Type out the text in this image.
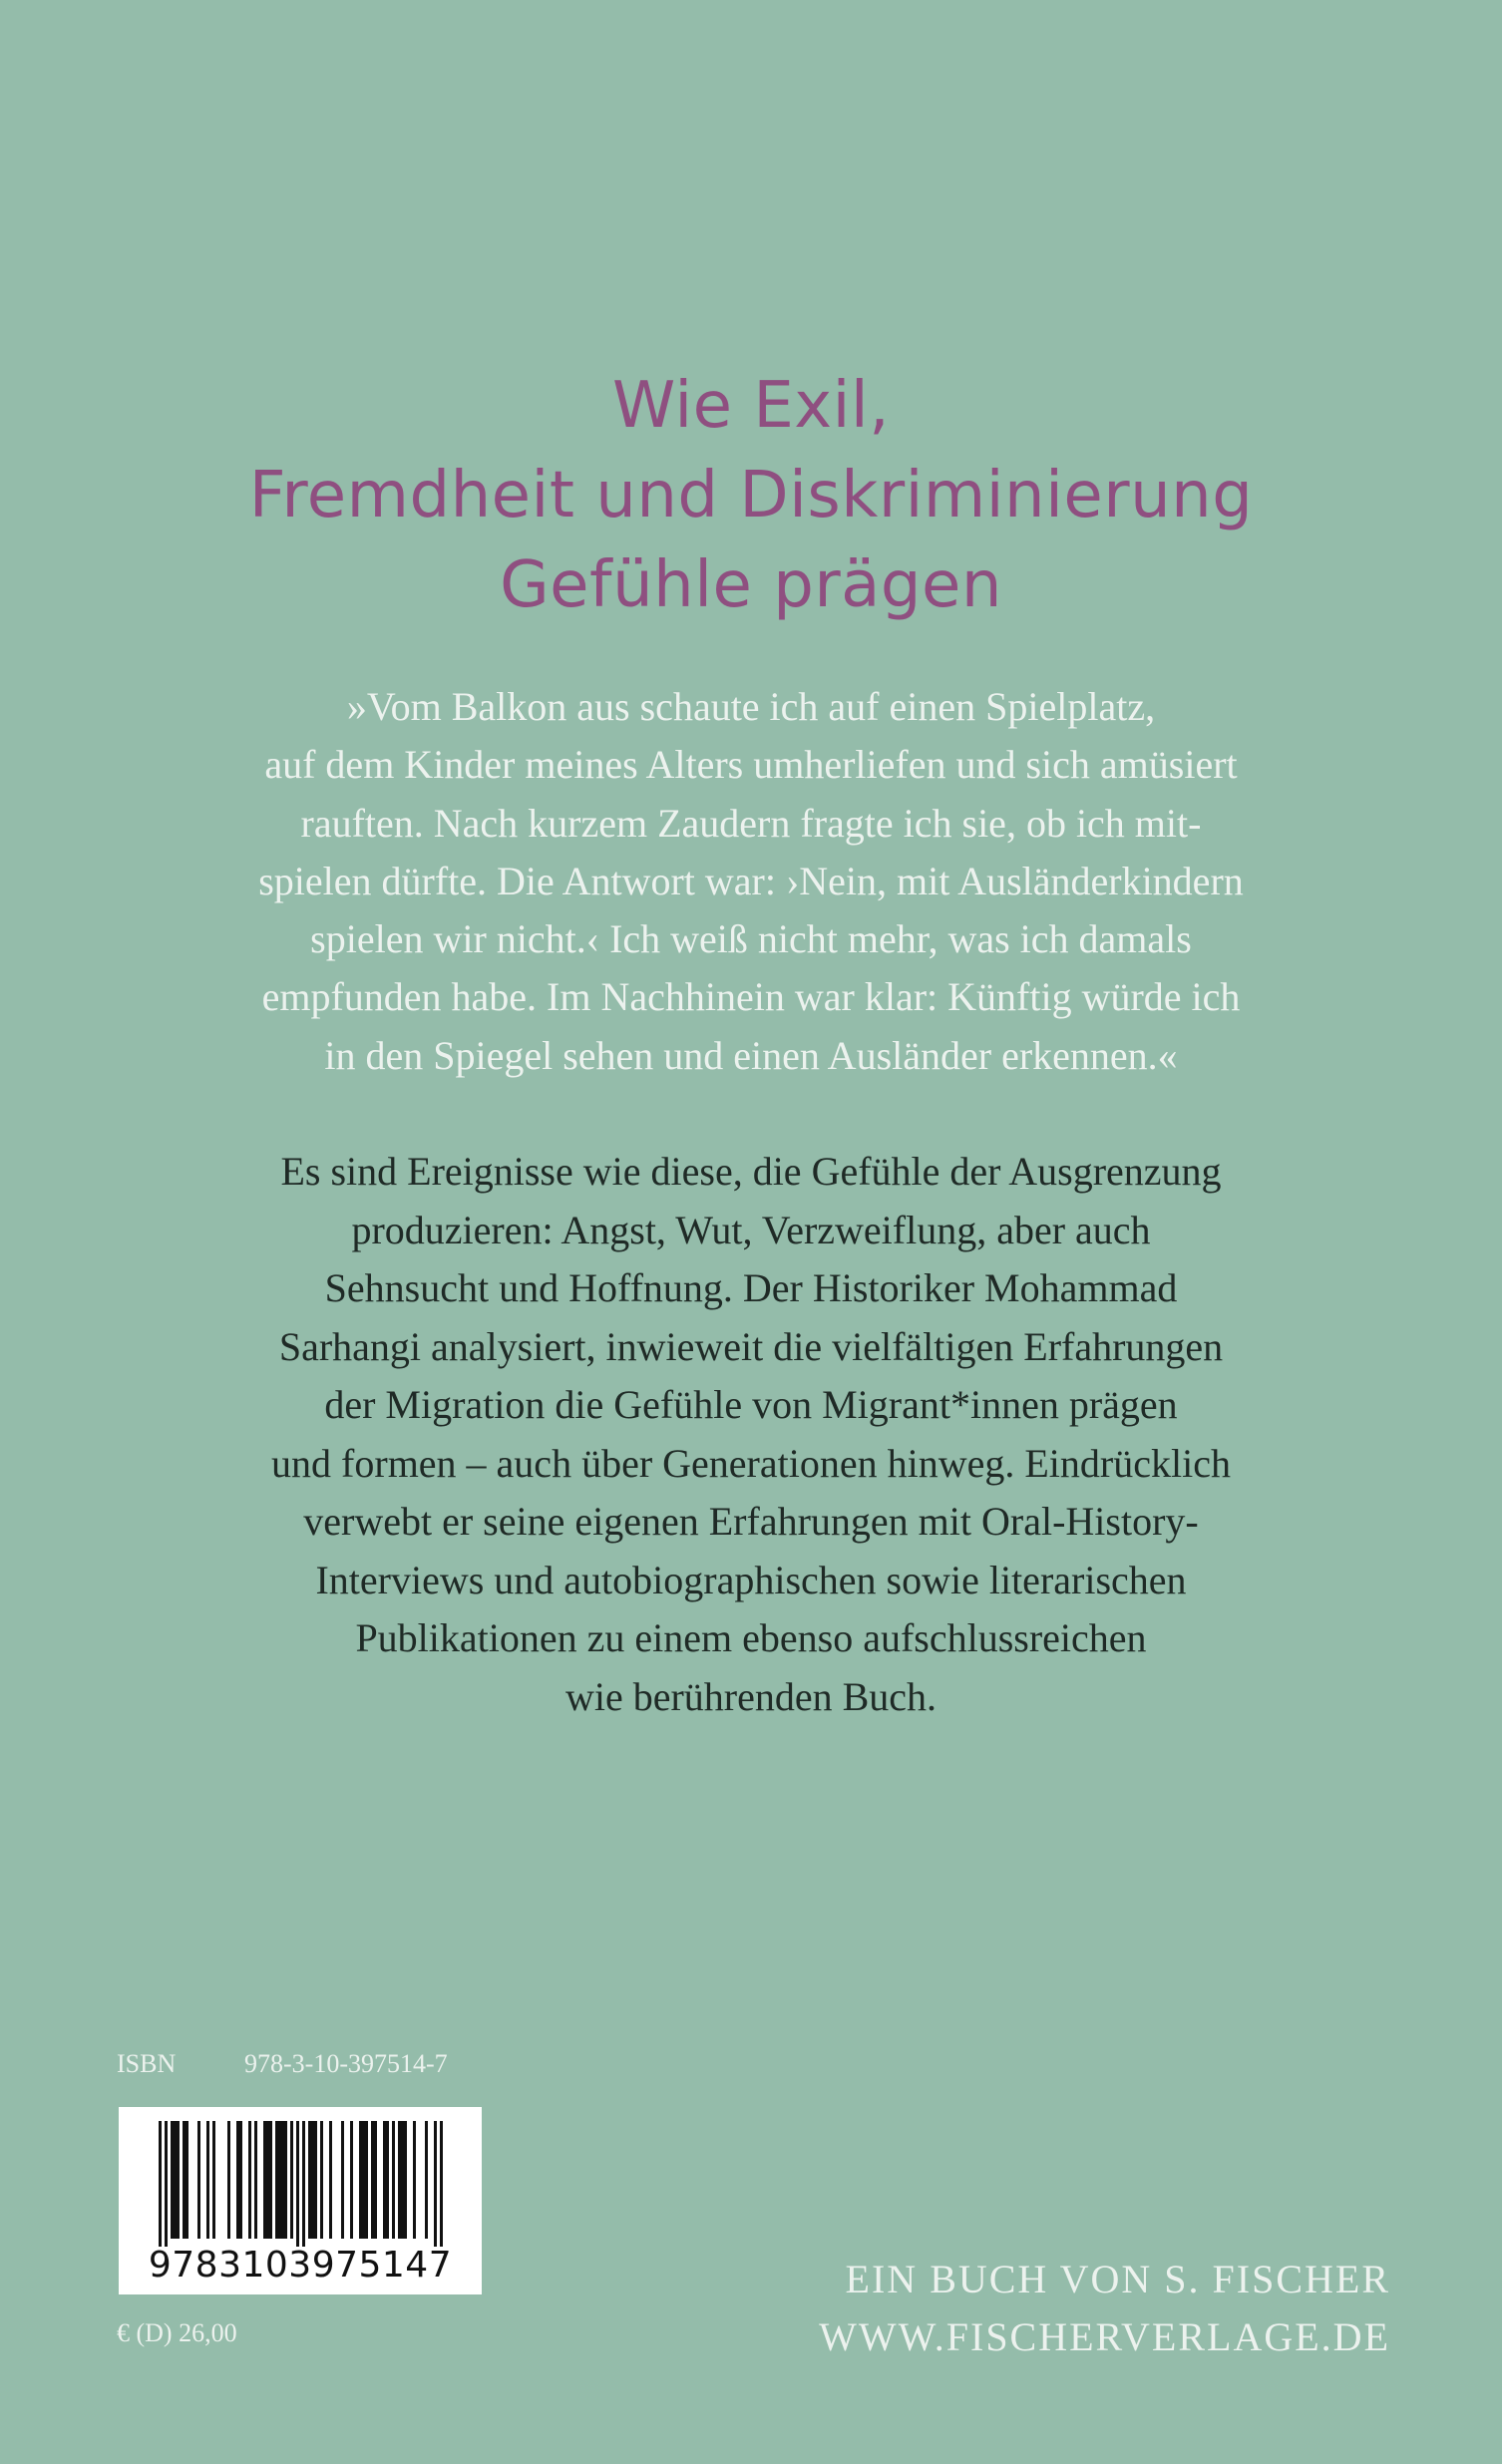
Wie Exil,
Fremdheit und Diskriminierung
Gefühle prägen
»Vom Balkon aus schaute ich auf einen Spielplatz,
auf dem Kinder meines Alters umherliefen und sich amüsiert
rauften. Nach kurzem Zaudern fragte ich sie, ob ich mit-
spielen dürfte. Die Antwort war: ›Nein, mit Ausländerkindern
spielen wir nicht.‹ Ich weiß nicht mehr, was ich damals
empfunden habe. Im Nachhinein war klar: Künftig würde ich
in den Spiegel sehen und einen Ausländer erkennen.«
Es sind Ereignisse wie diese, die Gefühle der Ausgrenzung
produzieren: Angst, Wut, Verzweiflung, aber auch
Sehnsucht und Hoffnung. Der Historiker Mohammad
Sarhangi analysiert, inwieweit die vielfältigen Erfahrungen
der Migration die Gefühle von Migrant*innen prägen
und formen – auch über Generationen hinweg. Eindrücklich
verwebt er seine eigenen Erfahrungen mit Oral-History-
Interviews und autobiographischen sowie literarischen
Publikationen zu einem ebenso aufschlussreichen
wie berührenden Buch.
ISBN	978-3-10-397514-7
9783103975147
€ (D) 26,00
EIN BUCH VON S. FISCHER
WWW.FISCHERVERLAGE.DE
